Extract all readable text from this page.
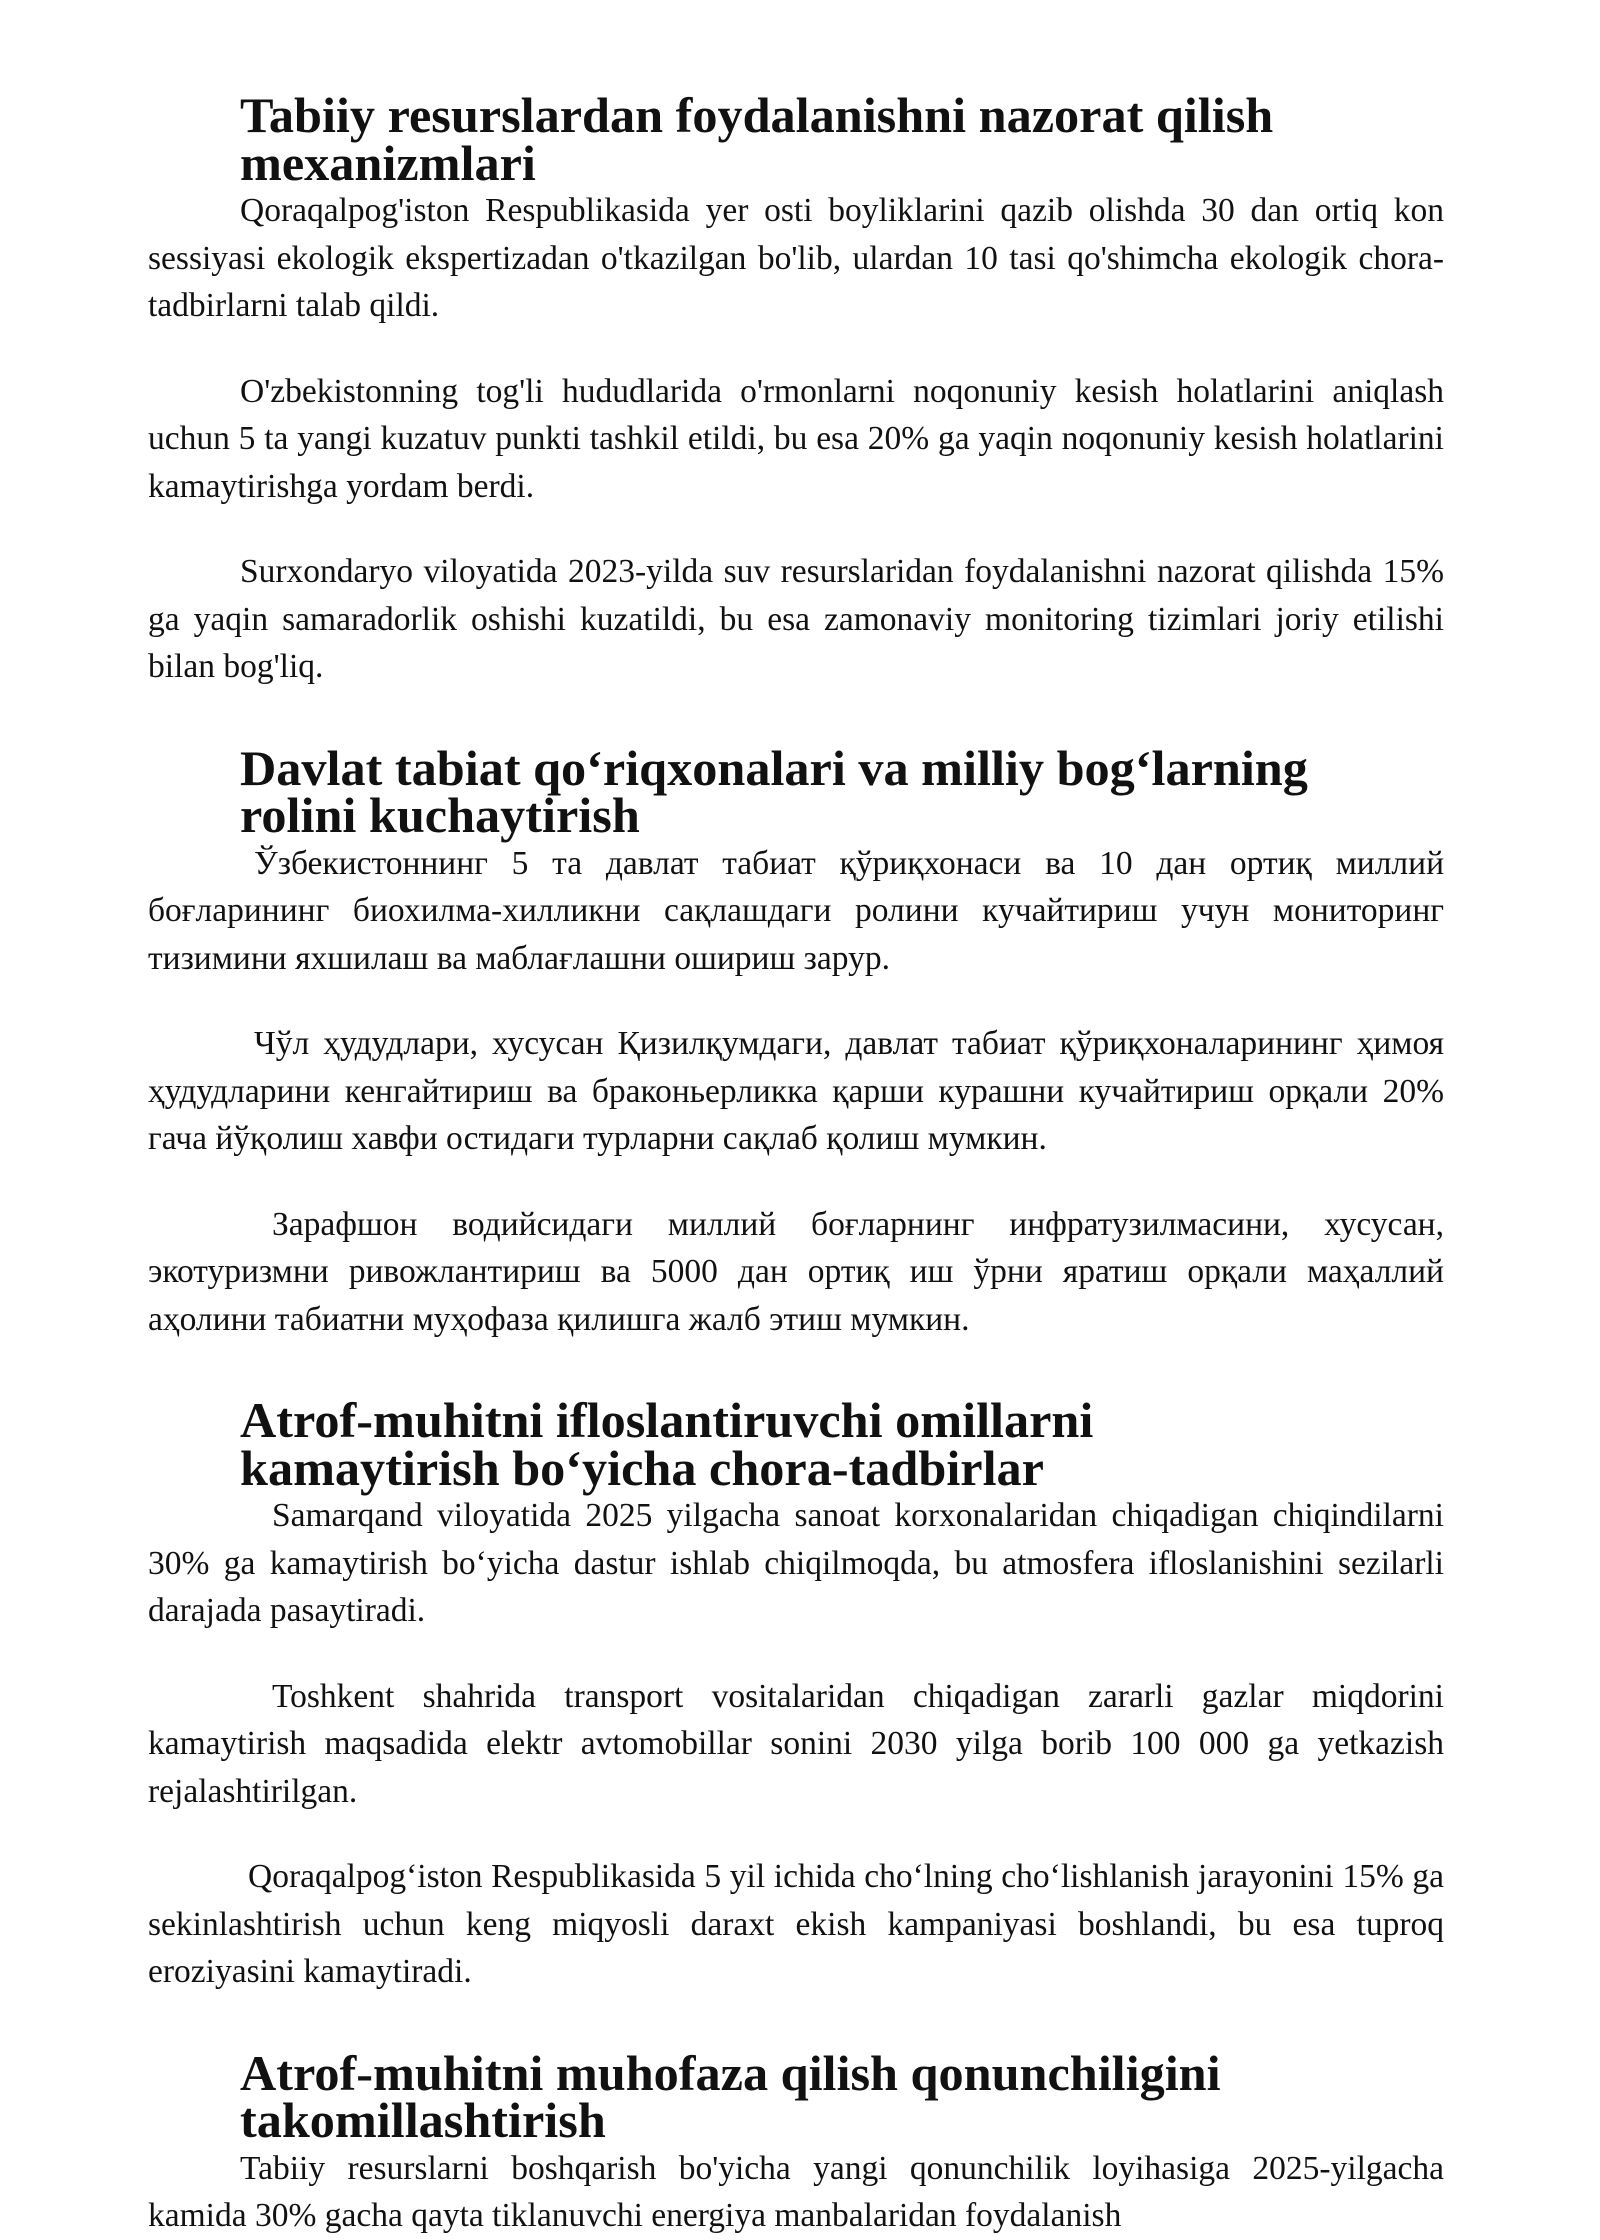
Tabiiy resurslardan foydalanishni nazorat qilish mexanizmlari

Qoraqalpog'iston Respublikasida yer osti boyliklarini qazib olishda 30 dan ortiq kon sessiyasi ekologik ekspertizadan o'tkazilgan bo'lib, ulardan 10 tasi qo'shimcha ekologik chora-tadbirlarni talab qildi.

O'zbekistonning tog'li hududlarida o'rmonlarni noqonuniy kesish holatlarini aniqlash uchun 5 ta yangi kuzatuv punkti tashkil etildi, bu esa 20% ga yaqin noqonuniy kesish holatlarini kamaytirishga yordam berdi.

Surxondaryo viloyatida 2023-yilda suv resurslaridan foydalanishni nazorat qilishda 15% ga yaqin samaradorlik oshishi kuzatildi, bu esa zamonaviy monitoring tizimlari joriy etilishi bilan bog'liq.

Davlat tabiat qo‘riqxonalari va milliy bog‘larning rolini kuchaytirish

Ўзбекистоннинг 5 та давлат табиат қўриқхонаси ва 10 дан ортиқ миллий боғларининг биохилма-хилликни сақлашдаги ролини кучайтириш учун мониторинг тизимини яхшилаш ва маблағлашни ошириш зарур.

Чўл ҳудудлари, хусусан Қизилқумдаги, давлат табиат қўриқхоналарининг ҳимоя ҳудудларини кенгайтириш ва браконьерликка қарши курашни кучайтириш орқали 20% гача йўқолиш хавфи остидаги турларни сақлаб қолиш мумкин.

Зарафшон водийсидаги миллий боғларнинг инфратузилмасини, хусусан, экотуризмни ривожлантириш ва 5000 дан ортиқ иш ўрни яратиш орқали маҳаллий аҳолини табиатни муҳофаза қилишга жалб этиш мумкин.

Atrof-muhitni ifloslantiruvchi omillarni kamaytirish bo‘yicha chora-tadbirlar

Samarqand viloyatida 2025 yilgacha sanoat korxonalaridan chiqadigan chiqindilarni 30% ga kamaytirish bo‘yicha dastur ishlab chiqilmoqda, bu atmosfera ifloslanishini sezilarli darajada pasaytiradi.

Toshkent shahrida transport vositalaridan chiqadigan zararli gazlar miqdorini kamaytirish maqsadida elektr avtomobillar sonini 2030 yilga borib 100 000 ga yetkazish rejalashtirilgan.

Qoraqalpog‘iston Respublikasida 5 yil ichida cho‘lning cho‘lishlanish jarayonini 15% ga sekinlashtirish uchun keng miqyosli daraxt ekish kampaniyasi boshlandi, bu esa tuproq eroziyasini kamaytiradi.

Atrof-muhitni muhofaza qilish qonunchiligini takomillashtirish

Tabiiy resurslarni boshqarish bo'yicha yangi qonunchilik loyihasiga 2025-yilgacha kamida 30% gacha qayta tiklanuvchi energiya manbalaridan foydalanish
